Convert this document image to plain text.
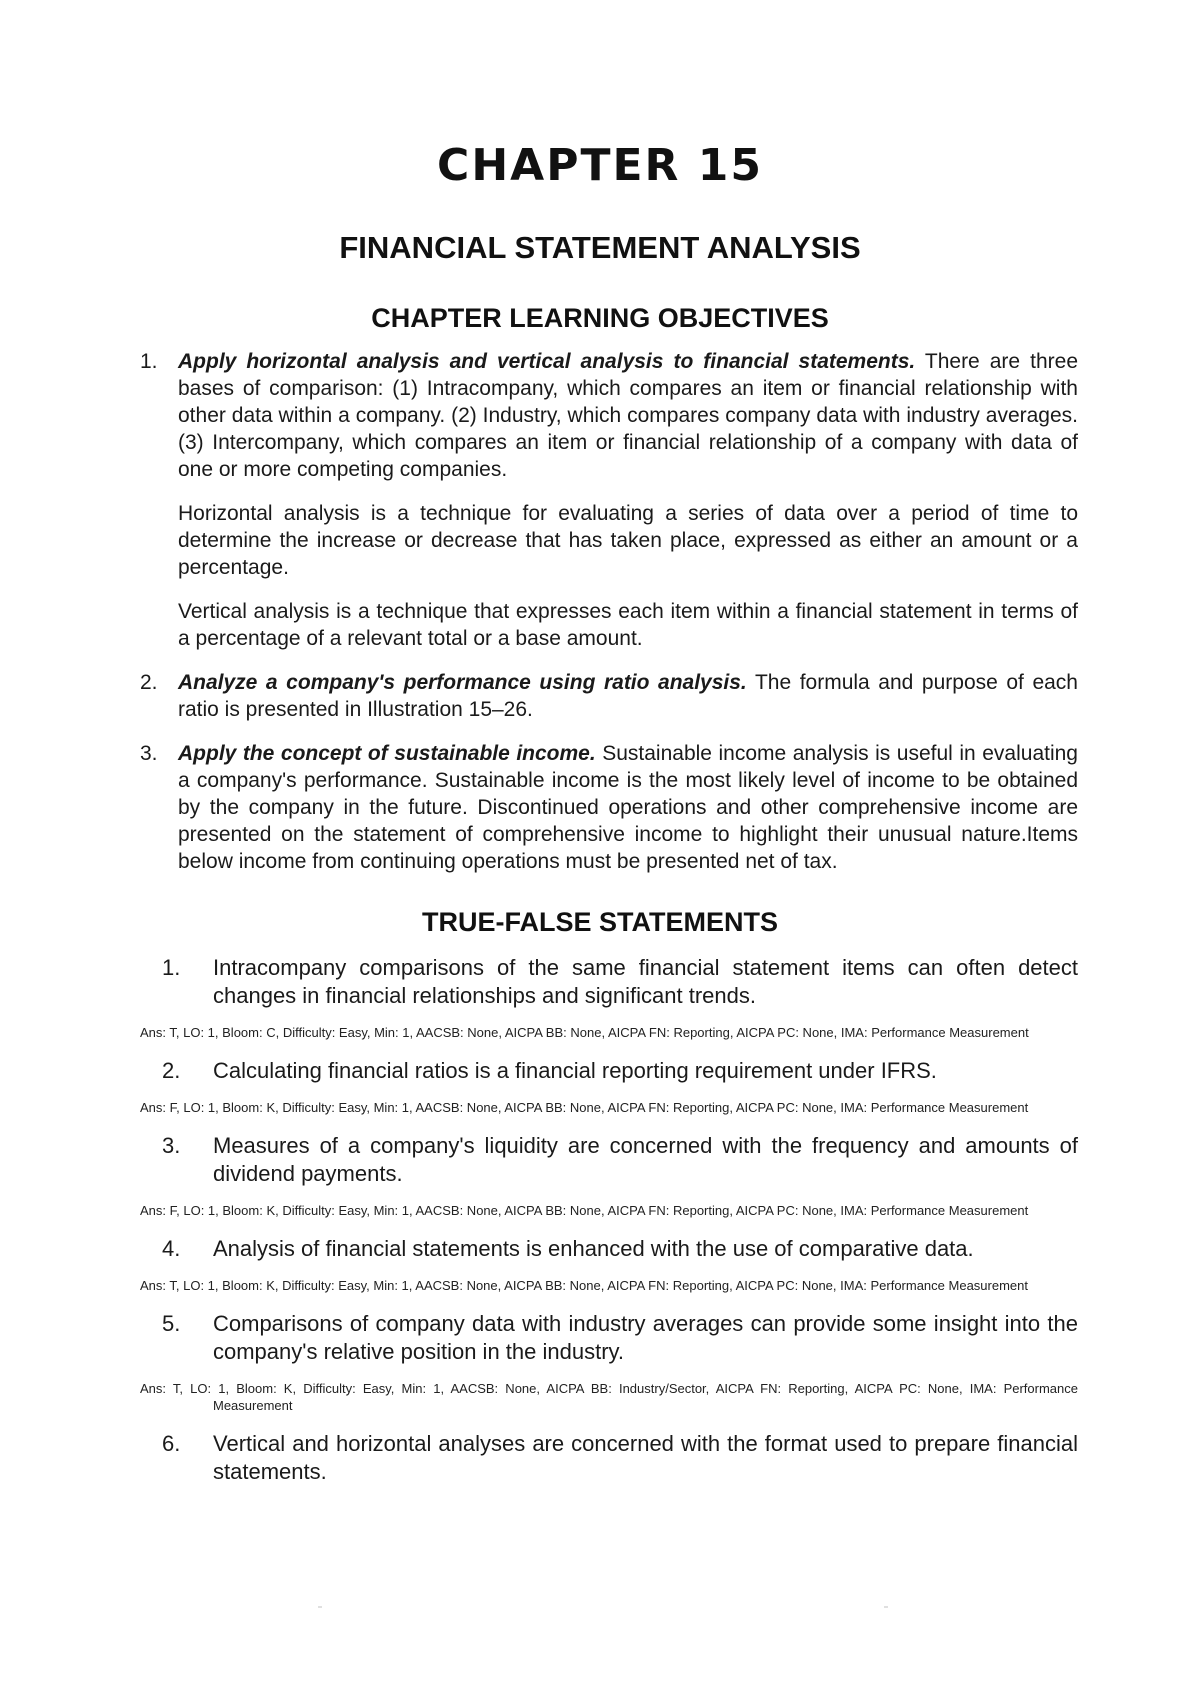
CHAPTER 15
FINANCIAL STATEMENT ANALYSIS
CHAPTER LEARNING OBJECTIVES
1. Apply horizontal analysis and vertical analysis to financial statements. There are three bases of comparison: (1) Intracompany, which compares an item or financial relationship with other data within a company. (2) Industry, which compares company data with industry averages. (3) Intercompany, which compares an item or financial relationship of a company with data of one or more competing companies.
Horizontal analysis is a technique for evaluating a series of data over a period of time to determine the increase or decrease that has taken place, expressed as either an amount or a percentage.
Vertical analysis is a technique that expresses each item within a financial statement in terms of a percentage of a relevant total or a base amount.
2. Analyze a company's performance using ratio analysis. The formula and purpose of each ratio is presented in Illustration 15–26.
3. Apply the concept of sustainable income. Sustainable income analysis is useful in evaluating a company's performance. Sustainable income is the most likely level of income to be obtained by the company in the future. Discontinued operations and other comprehensive income are presented on the statement of comprehensive income to highlight their unusual nature.Items below income from continuing operations must be presented net of tax.
TRUE-FALSE STATEMENTS
1. Intracompany comparisons of the same financial statement items can often detect changes in financial relationships and significant trends.
Ans: T, LO: 1, Bloom: C, Difficulty: Easy, Min: 1, AACSB: None, AICPA BB: None, AICPA FN: Reporting, AICPA PC: None, IMA: Performance Measurement
2. Calculating financial ratios is a financial reporting requirement under IFRS.
Ans: F, LO: 1, Bloom: K, Difficulty: Easy, Min: 1, AACSB: None, AICPA BB: None, AICPA FN: Reporting, AICPA PC: None, IMA: Performance Measurement
3. Measures of a company's liquidity are concerned with the frequency and amounts of dividend payments.
Ans: F, LO: 1, Bloom: K, Difficulty: Easy, Min: 1, AACSB: None, AICPA BB: None, AICPA FN: Reporting, AICPA PC: None, IMA: Performance Measurement
4. Analysis of financial statements is enhanced with the use of comparative data.
Ans: T, LO: 1, Bloom: K, Difficulty: Easy, Min: 1, AACSB: None, AICPA BB: None, AICPA FN: Reporting, AICPA PC: None, IMA: Performance Measurement
5. Comparisons of company data with industry averages can provide some insight into the company's relative position in the industry.
Ans: T, LO: 1, Bloom: K, Difficulty: Easy, Min: 1, AACSB: None, AICPA BB: Industry/Sector, AICPA FN: Reporting, AICPA PC: None, IMA: Performance Measurement
6. Vertical and horizontal analyses are concerned with the format used to prepare financial statements.
